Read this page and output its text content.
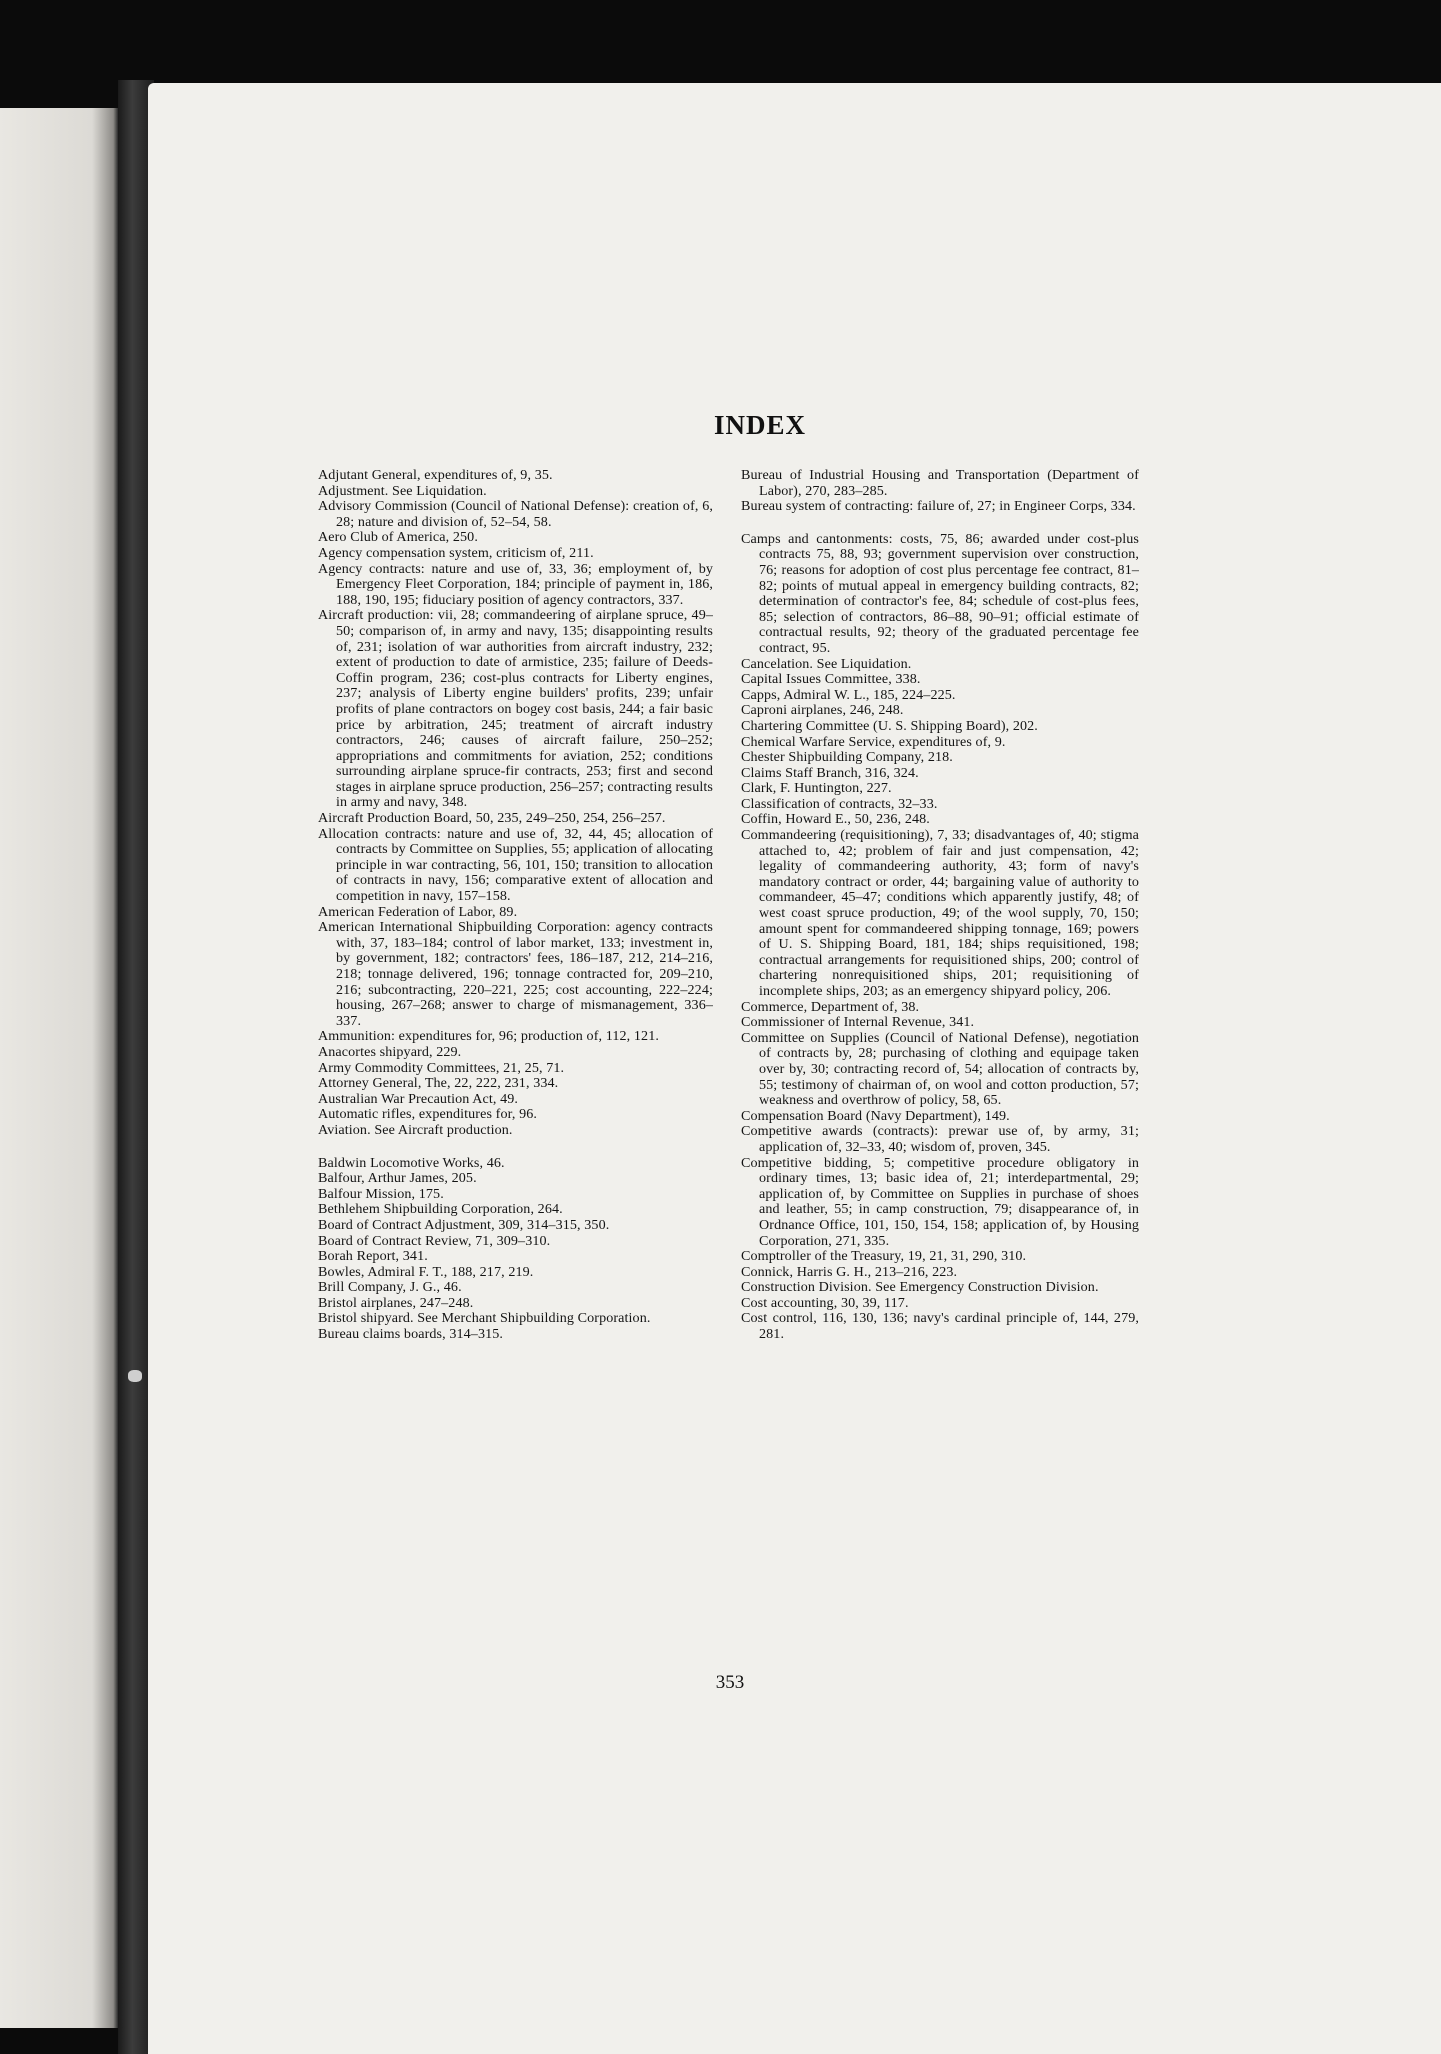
INDEX
Adjutant General, expenditures of, 9, 35.
Adjustment. See Liquidation.
Advisory Commission (Council of National Defense): creation of, 6, 28; nature and division of, 52–54, 58.
Aero Club of America, 250.
Agency compensation system, criticism of, 211.
Agency contracts: nature and use of, 33, 36; employment of, by Emergency Fleet Corporation, 184; principle of payment in, 186, 188, 190, 195; fiduciary position of agency contractors, 337.
Aircraft production: vii, 28; commandeering of airplane spruce, 49–50; comparison of, in army and navy, 135; disappointing results of, 231; isolation of war authorities from aircraft industry, 232; extent of production to date of armistice, 235; failure of Deeds-Coffin program, 236; cost-plus contracts for Liberty engines, 237; analysis of Liberty engine builders' profits, 239; unfair profits of plane contractors on bogey cost basis, 244; a fair basic price by arbitration, 245; treatment of aircraft industry contractors, 246; causes of aircraft failure, 250–252; appropriations and commitments for aviation, 252; conditions surrounding airplane spruce-fir contracts, 253; first and second stages in airplane spruce production, 256–257; contracting results in army and navy, 348.
Aircraft Production Board, 50, 235, 249–250, 254, 256–257.
Allocation contracts: nature and use of, 32, 44, 45; allocation of contracts by Committee on Supplies, 55; application of allocating principle in war contracting, 56, 101, 150; transition to allocation of contracts in navy, 156; comparative extent of allocation and competition in navy, 157–158.
American Federation of Labor, 89.
American International Shipbuilding Corporation: agency contracts with, 37, 183–184; control of labor market, 133; investment in, by government, 182; contractors' fees, 186–187, 212, 214–216, 218; tonnage delivered, 196; tonnage contracted for, 209–210, 216; subcontracting, 220–221, 225; cost accounting, 222–224; housing, 267–268; answer to charge of mismanagement, 336–337.
Ammunition: expenditures for, 96; production of, 112, 121.
Anacortes shipyard, 229.
Army Commodity Committees, 21, 25, 71.
Attorney General, The, 22, 222, 231, 334.
Australian War Precaution Act, 49.
Automatic rifles, expenditures for, 96.
Aviation. See Aircraft production.
Baldwin Locomotive Works, 46.
Balfour, Arthur James, 205.
Balfour Mission, 175.
Bethlehem Shipbuilding Corporation, 264.
Board of Contract Adjustment, 309, 314–315, 350.
Board of Contract Review, 71, 309–310.
Borah Report, 341.
Bowles, Admiral F. T., 188, 217, 219.
Brill Company, J. G., 46.
Bristol airplanes, 247–248.
Bristol shipyard. See Merchant Shipbuilding Corporation.
Bureau claims boards, 314–315.
Bureau of Industrial Housing and Transportation (Department of Labor), 270, 283–285.
Bureau system of contracting: failure of, 27; in Engineer Corps, 334.
Camps and cantonments: costs, 75, 86; awarded under cost-plus contracts 75, 88, 93; government supervision over construction, 76; reasons for adoption of cost plus percentage fee contract, 81–82; points of mutual appeal in emergency building contracts, 82; determination of contractor's fee, 84; schedule of cost-plus fees, 85; selection of contractors, 86–88, 90–91; official estimate of contractual results, 92; theory of the graduated percentage fee contract, 95.
Cancelation. See Liquidation.
Capital Issues Committee, 338.
Capps, Admiral W. L., 185, 224–225.
Caproni airplanes, 246, 248.
Chartering Committee (U. S. Shipping Board), 202.
Chemical Warfare Service, expenditures of, 9.
Chester Shipbuilding Company, 218.
Claims Staff Branch, 316, 324.
Clark, F. Huntington, 227.
Classification of contracts, 32–33.
Coffin, Howard E., 50, 236, 248.
Commandeering (requisitioning), 7, 33; disadvantages of, 40; stigma attached to, 42; problem of fair and just compensation, 42; legality of commandeering authority, 43; form of navy's mandatory contract or order, 44; bargaining value of authority to commandeer, 45–47; conditions which apparently justify, 48; of west coast spruce production, 49; of the wool supply, 70, 150; amount spent for commandeered shipping tonnage, 169; powers of U. S. Shipping Board, 181, 184; ships requisitioned, 198; contractual arrangements for requisitioned ships, 200; control of chartering nonrequisitioned ships, 201; requisitioning of incomplete ships, 203; as an emergency shipyard policy, 206.
Commerce, Department of, 38.
Commissioner of Internal Revenue, 341.
Committee on Supplies (Council of National Defense), negotiation of contracts by, 28; purchasing of clothing and equipage taken over by, 30; contracting record of, 54; allocation of contracts by, 55; testimony of chairman of, on wool and cotton production, 57; weakness and overthrow of policy, 58, 65.
Compensation Board (Navy Department), 149.
Competitive awards (contracts): prewar use of, by army, 31; application of, 32–33, 40; wisdom of, proven, 345.
Competitive bidding, 5; competitive procedure obligatory in ordinary times, 13; basic idea of, 21; interdepartmental, 29; application of, by Committee on Supplies in purchase of shoes and leather, 55; in camp construction, 79; disappearance of, in Ordnance Office, 101, 150, 154, 158; application of, by Housing Corporation, 271, 335.
Comptroller of the Treasury, 19, 21, 31, 290, 310.
Connick, Harris G. H., 213–216, 223.
Construction Division. See Emergency Construction Division.
Cost accounting, 30, 39, 117.
Cost control, 116, 130, 136; navy's cardinal principle of, 144, 279, 281.
353
